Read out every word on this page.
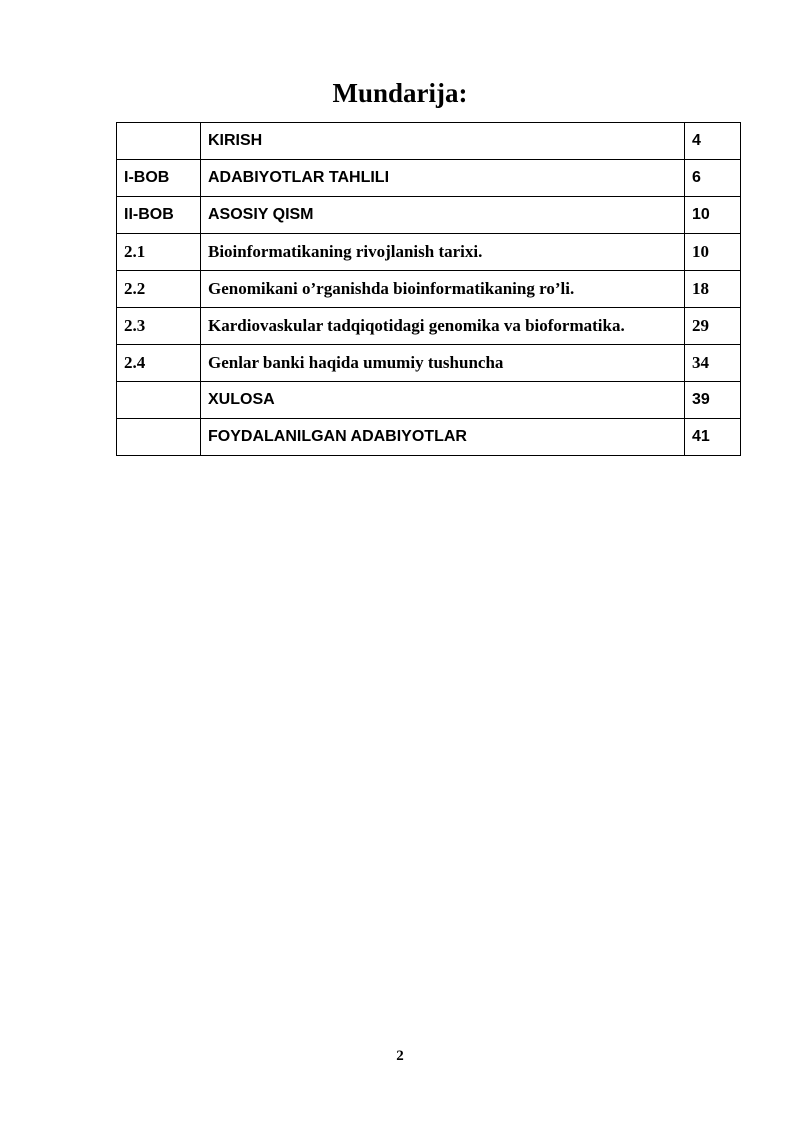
Mundarija:
	KIRISH	4
I-BOB	ADABIYOTLAR TAHLILI	6
II-BOB	ASOSIY QISM	10
2.1	Bioinformatikaning rivojlanish tarixi.	10
2.2	Genomikani o’rganishda bioinformatikaning ro’li.	18
2.3	Kardiovaskular tadqiqotidagi genomika va bioformatika.	29
2.4	Genlar banki haqida umumiy tushuncha	34
	XULOSA	39
	FOYDALANILGAN ADABIYOTLAR	41
2
